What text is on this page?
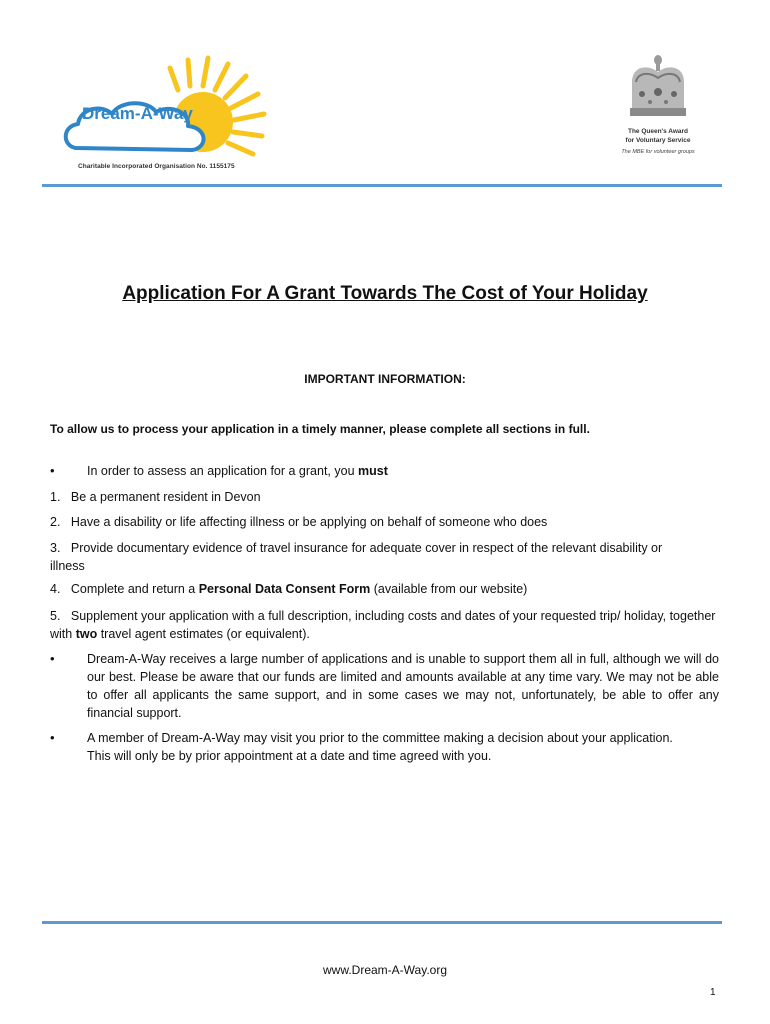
Dream-A-Way
Charitable Incorporated Organisation No. 1155175
The Queen's Award
for Voluntary Service
The MBE for volunteer groups
Application For A Grant Towards The Cost of Your Holiday
IMPORTANT INFORMATION:
To allow us to process your application in a timely manner, please complete all sections in full.
•	In order to assess an application for a grant, you must
1. Be a permanent resident in Devon
2. Have a disability or life affecting illness or be applying on behalf of someone who does
3. Provide documentary evidence of travel insurance for adequate cover in respect of the relevant disability or illness
4. Complete and return a Personal Data Consent Form (available from our website)
5. Supplement your application with a full description, including costs and dates of your requested trip/ holiday, together with two travel agent estimates (or equivalent).
•	Dream-A-Way receives a large number of applications and is unable to support them all in full, although we will do our best. Please be aware that our funds are limited and amounts available at any time vary. We may not be able to offer all applicants the same support, and in some cases we may not, unfortunately, be able to offer any financial support.
•	A member of Dream-A-Way may visit you prior to the committee making a decision about your application. This will only be by prior appointment at a date and time agreed with you.
www.Dream-A-Way.org
1
